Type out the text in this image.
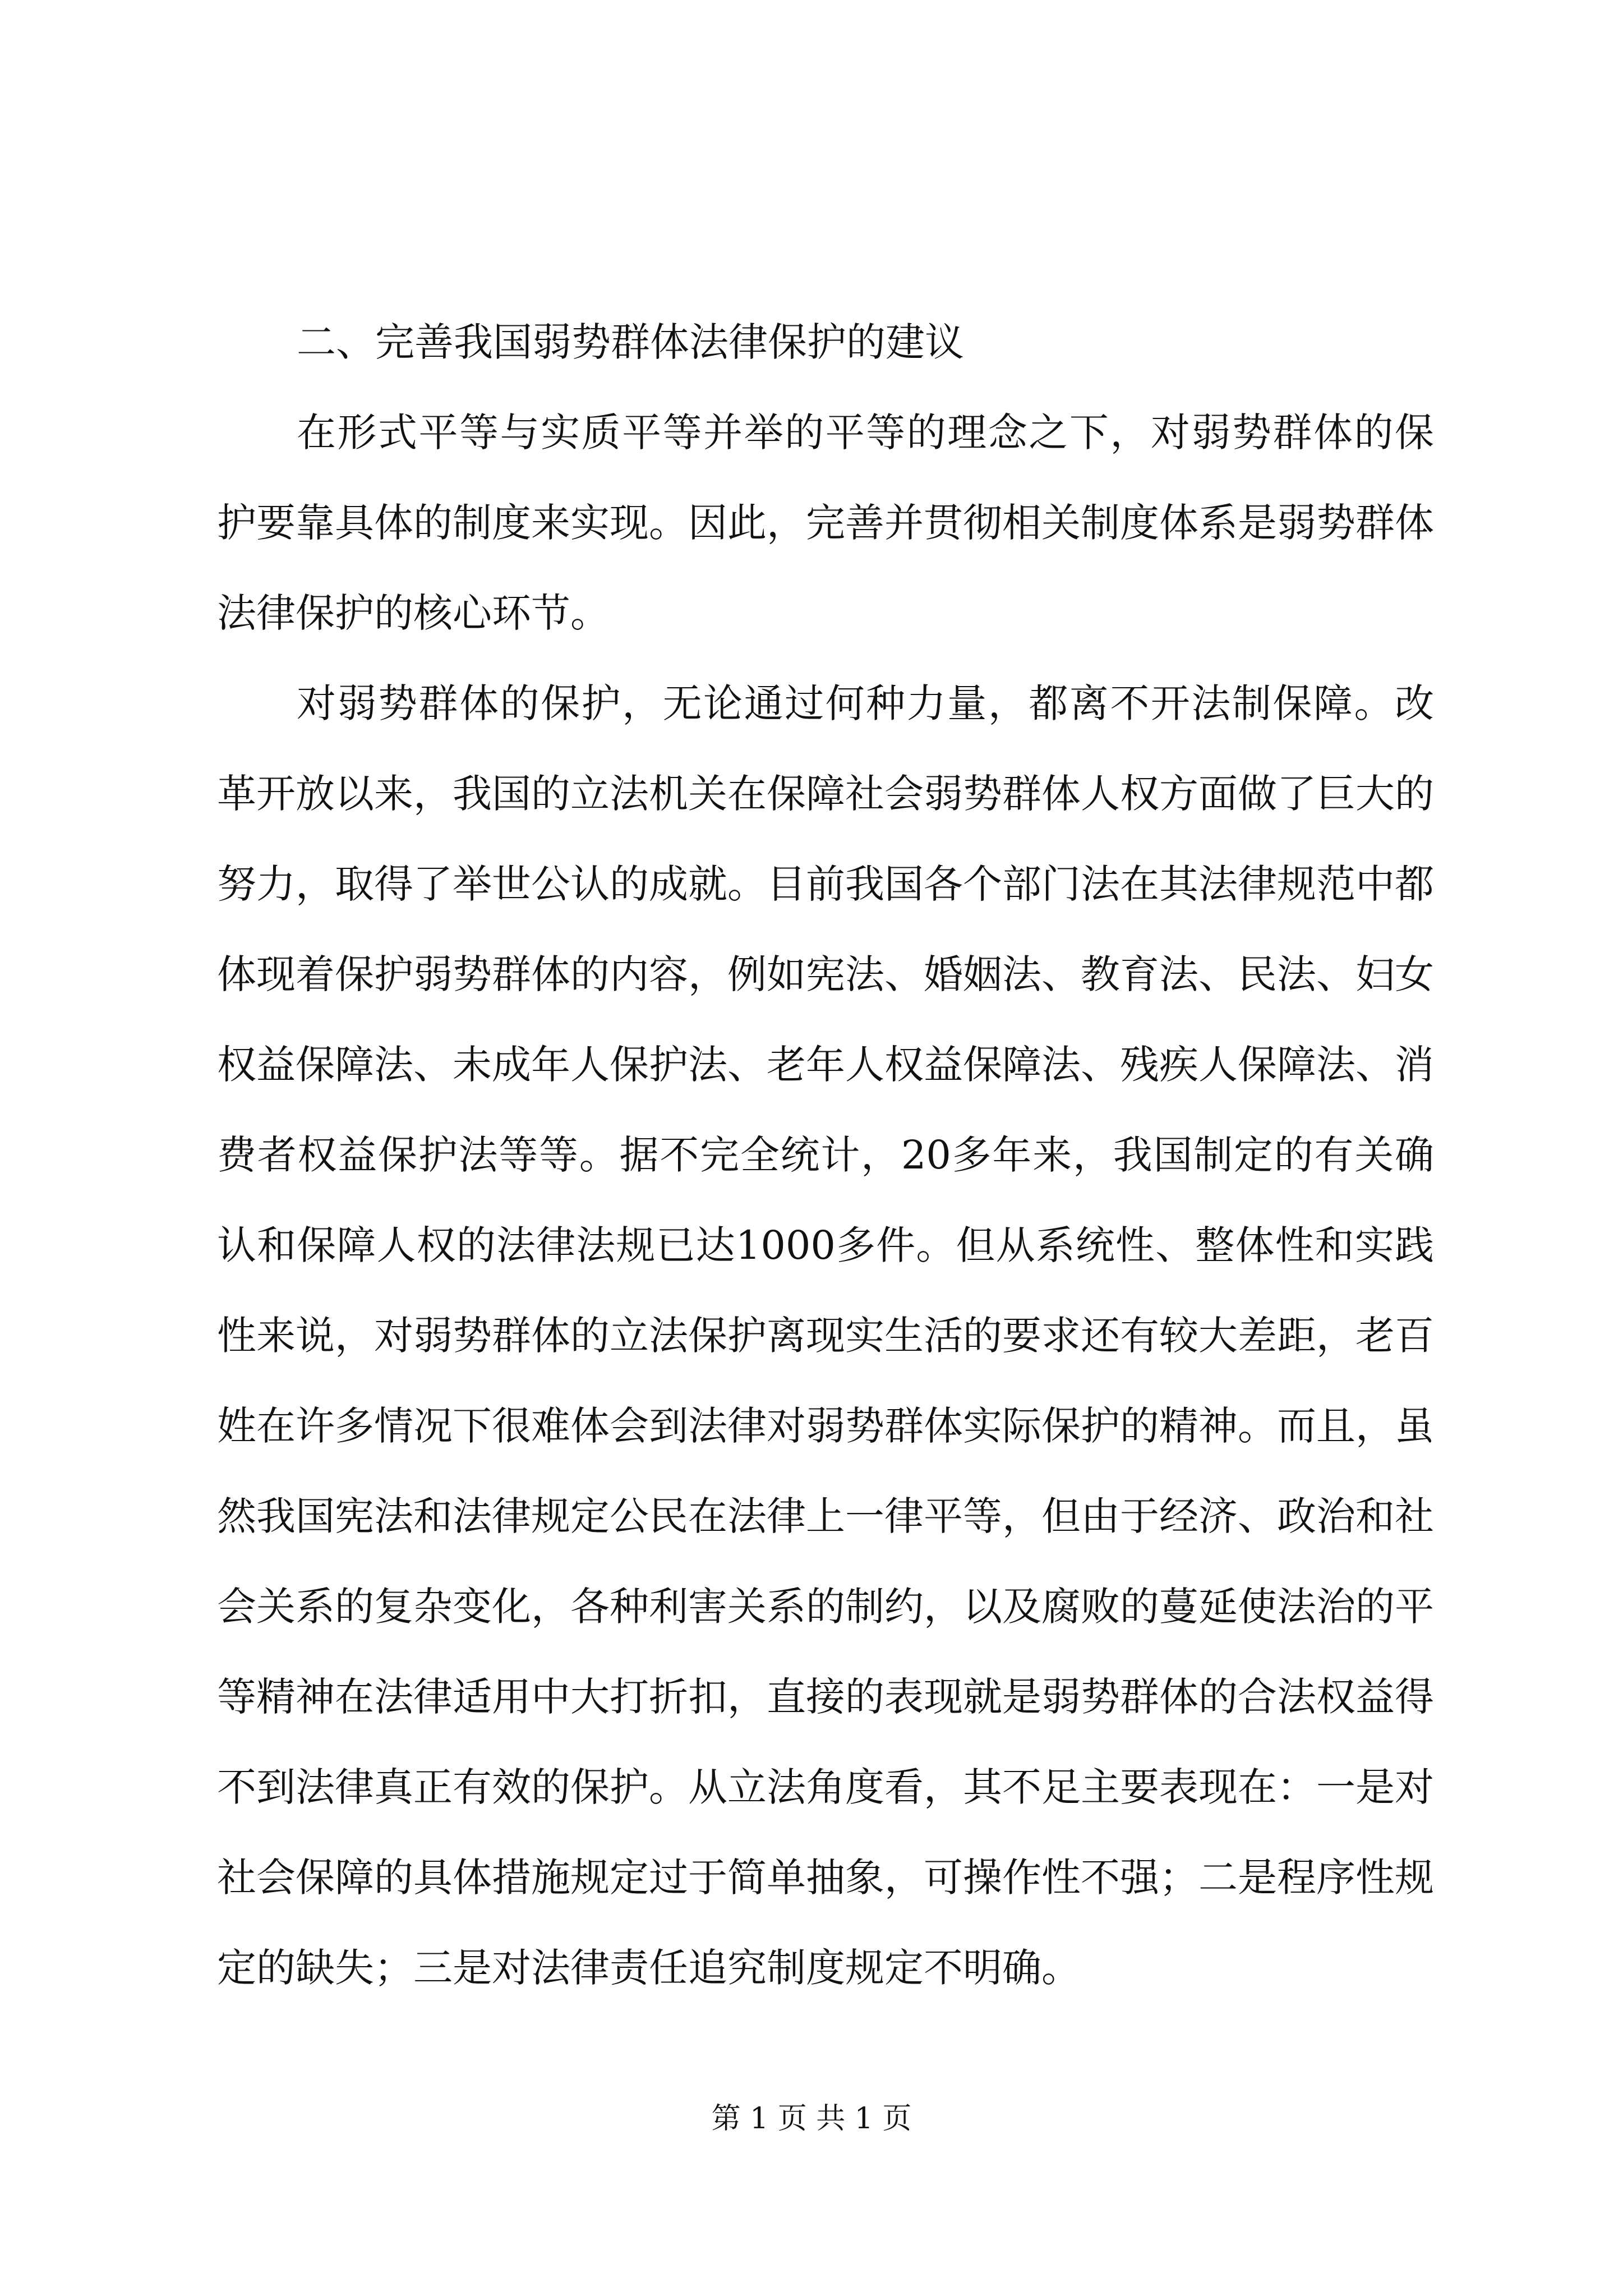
二、完善我国弱势群体法律保护的建议

在形式平等与实质平等并举的平等的理念之下，对弱势群体的保护要靠具体的制度来实现。因此，完善并贯彻相关制度体系是弱势群体法律保护的核心环节。

对弱势群体的保护，无论通过何种力量，都离不开法制保障。改革开放以来，我国的立法机关在保障社会弱势群体人权方面做了巨大的努力，取得了举世公认的成就。目前我国各个部门法在其法律规范中都体现着保护弱势群体的内容，例如宪法、婚姻法、教育法、民法、妇女权益保障法、未成年人保护法、老年人权益保障法、残疾人保障法、消费者权益保护法等等。据不完全统计，20多年来，我国制定的有关确认和保障人权的法律法规已达1000多件。但从系统性、整体性和实践性来说，对弱势群体的立法保护离现实生活的要求还有较大差距，老百姓在许多情况下很难体会到法律对弱势群体实际保护的精神。而且，虽然我国宪法和法律规定公民在法律上一律平等，但由于经济、政治和社会关系的复杂变化，各种利害关系的制约，以及腐败的蔓延使法治的平等精神在法律适用中大打折扣，直接的表现就是弱势群体的合法权益得不到法律真正有效的保护。从立法角度看，其不足主要表现在：一是对社会保障的具体措施规定过于简单抽象，可操作性不强；二是程序性规定的缺失；三是对法律责任追究制度规定不明确。

第 1 页 共 1 页
